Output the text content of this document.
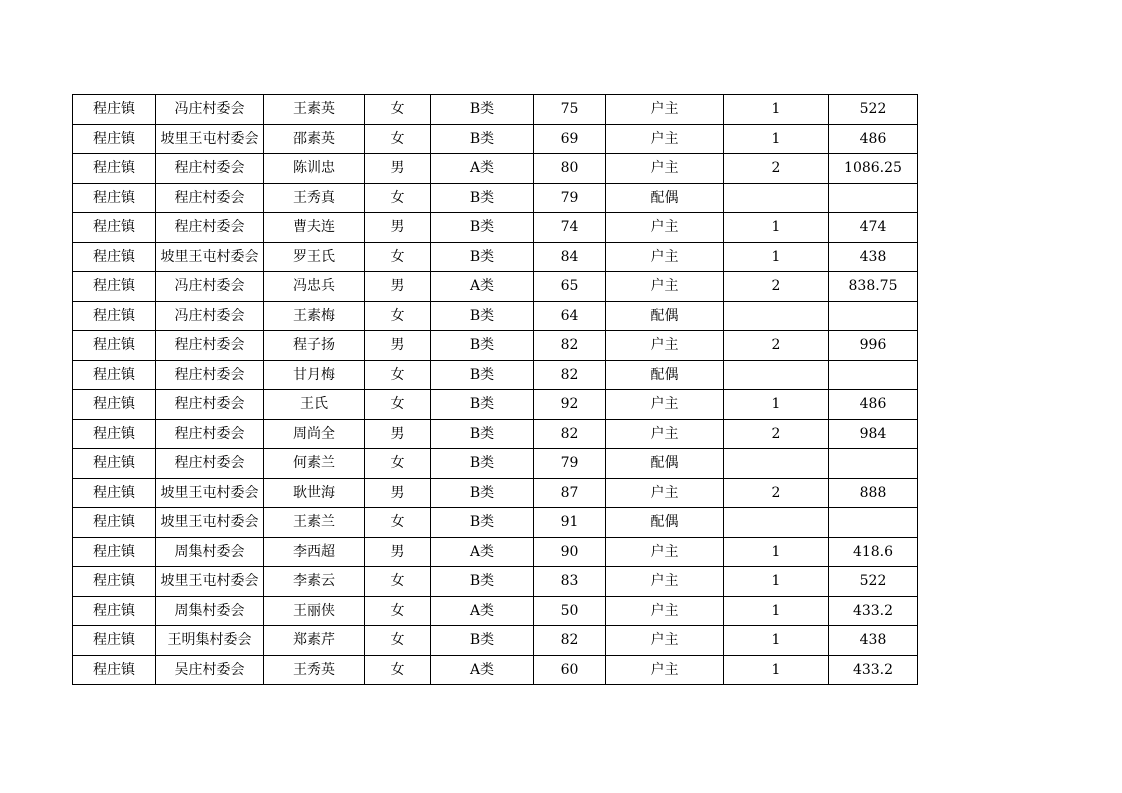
程庄镇	冯庄村委会	王素英	女	B类	75	户主	1	522
程庄镇	坡里王屯村委会	邵素英	女	B类	69	户主	1	486
程庄镇	程庄村委会	陈训忠	男	A类	80	户主	2	1086.25
程庄镇	程庄村委会	王秀真	女	B类	79	配偶		
程庄镇	程庄村委会	曹夫连	男	B类	74	户主	1	474
程庄镇	坡里王屯村委会	罗王氏	女	B类	84	户主	1	438
程庄镇	冯庄村委会	冯忠兵	男	A类	65	户主	2	838.75
程庄镇	冯庄村委会	王素梅	女	B类	64	配偶		
程庄镇	程庄村委会	程子扬	男	B类	82	户主	2	996
程庄镇	程庄村委会	甘月梅	女	B类	82	配偶		
程庄镇	程庄村委会	王氏	女	B类	92	户主	1	486
程庄镇	程庄村委会	周尚全	男	B类	82	户主	2	984
程庄镇	程庄村委会	何素兰	女	B类	79	配偶		
程庄镇	坡里王屯村委会	耿世海	男	B类	87	户主	2	888
程庄镇	坡里王屯村委会	王素兰	女	B类	91	配偶		
程庄镇	周集村委会	李西超	男	A类	90	户主	1	418.6
程庄镇	坡里王屯村委会	李素云	女	B类	83	户主	1	522
程庄镇	周集村委会	王丽侠	女	A类	50	户主	1	433.2
程庄镇	王明集村委会	郑素芹	女	B类	82	户主	1	438
程庄镇	吴庄村委会	王秀英	女	A类	60	户主	1	433.2
